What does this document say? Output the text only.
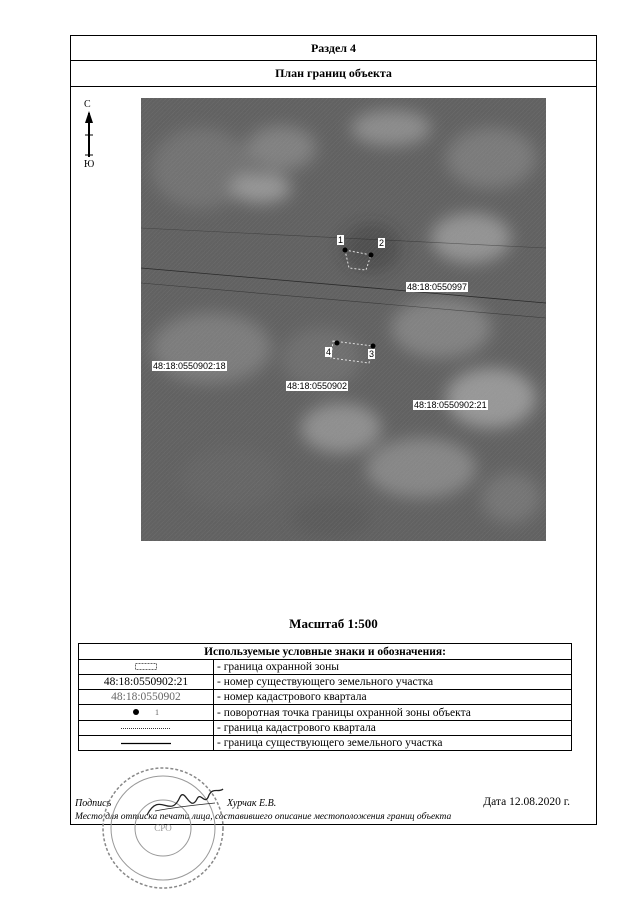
Раздел 4
План границ объекта
С
Ю
1	2
3
4
48:18:0550997
48:18:0550902:18
48:18:0550902
48:18:0550902:21
Масштаб 1:500
Используемые условные знаки и обозначения:	
	- граница охранной зоны
48:18:0550902:21	- номер существующего земельного участка
48:18:0550902	- номер кадастрового квартала
1	- поворотная точка границы охранной зоны объекта
	- граница кадастрового квартала
	- граница существующего земельного участка
Подпись	Хурчак Е.В.	Дата 12.08.2020 г.
Место для оттиска печати лица, составившего описание местоположения границ объекта
СРО
